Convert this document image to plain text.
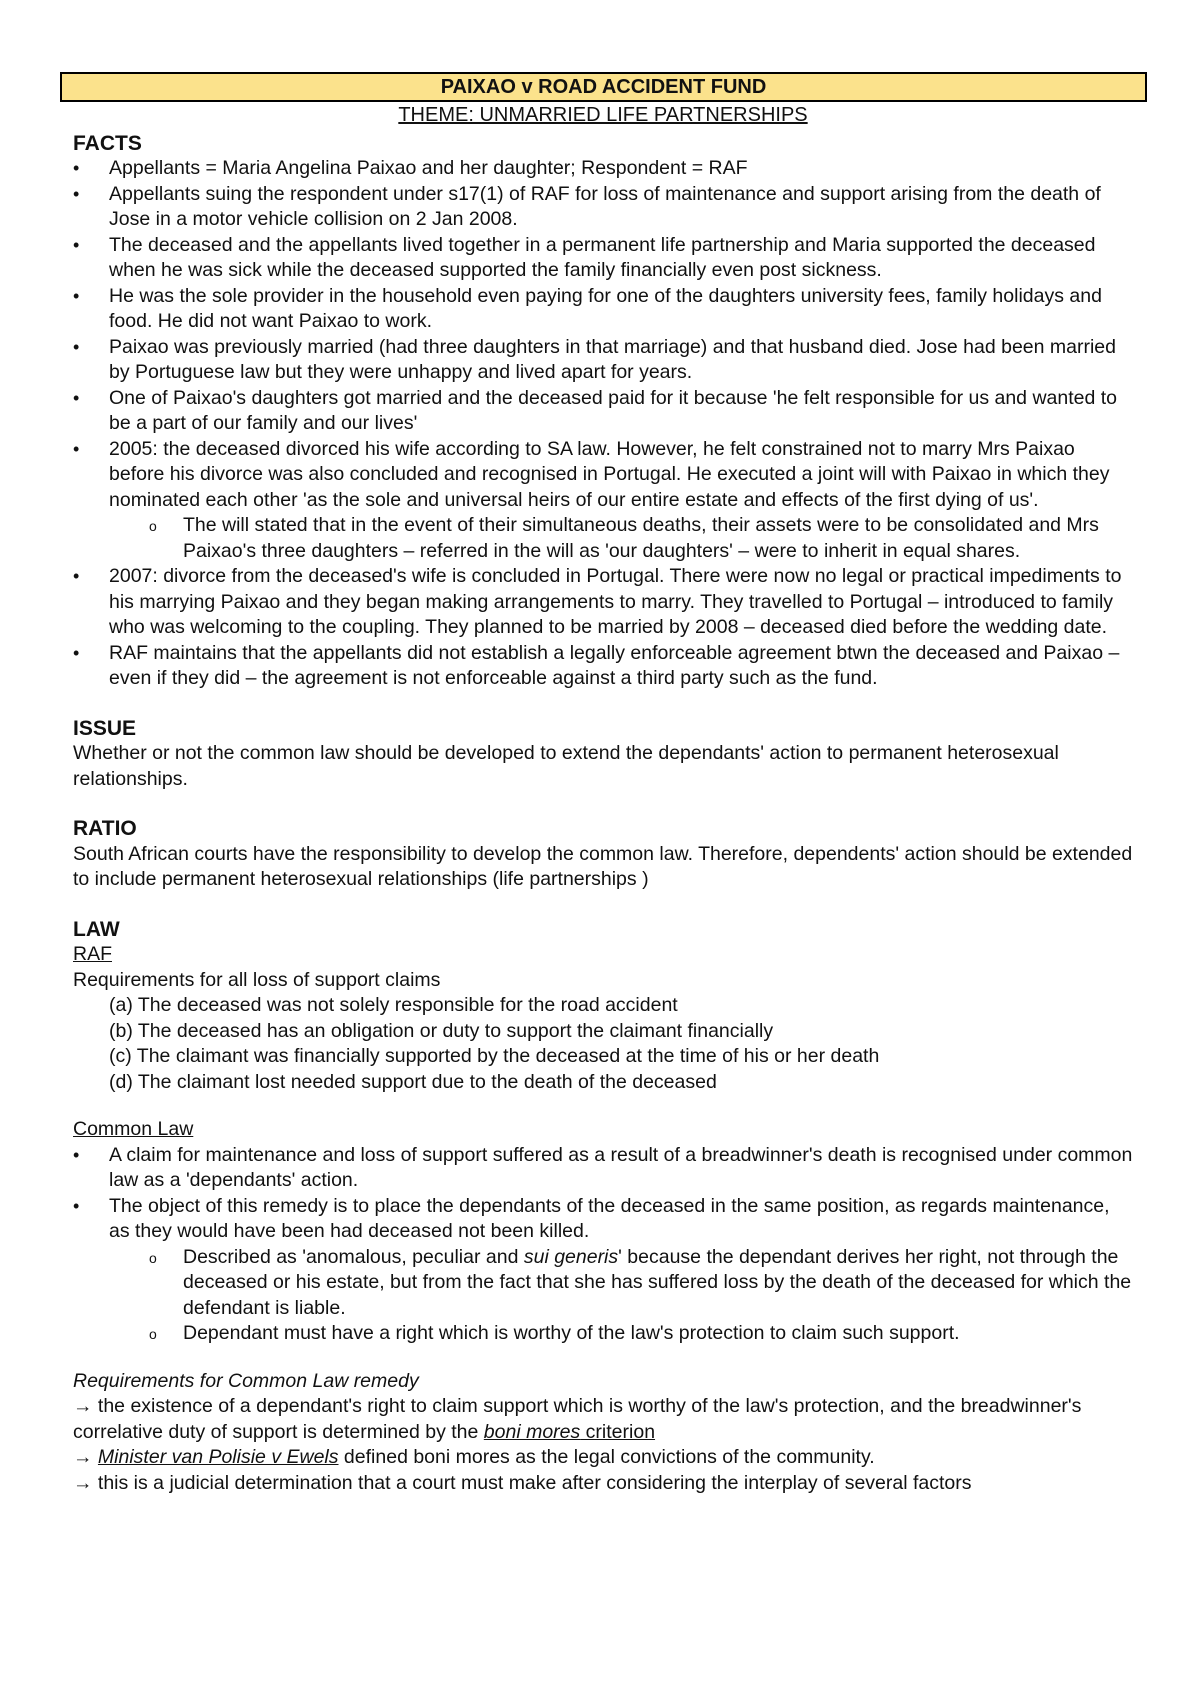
PAIXAO v ROAD ACCIDENT FUND
THEME: UNMARRIED LIFE PARTNERSHIPS
FACTS
• Appellants = Maria Angelina Paixao and her daughter; Respondent = RAF
• Appellants suing the respondent under s17(1) of RAF for loss of maintenance and support arising from the death of Jose in a motor vehicle collision on 2 Jan 2008.
• The deceased and the appellants lived together in a permanent life partnership and Maria supported the deceased when he was sick while the deceased supported the family financially even post sickness.
• He was the sole provider in the household even paying for one of the daughters university fees, family holidays and food. He did not want Paixao to work.
• Paixao was previously married (had three daughters in that marriage) and that husband died. Jose had been married by Portuguese law but they were unhappy and lived apart for years.
• One of Paixao's daughters got married and the deceased paid for it because 'he felt responsible for us and wanted to be a part of our family and our lives'
• 2005: the deceased divorced his wife according to SA law. However, he felt constrained not to marry Mrs Paixao before his divorce was also concluded and recognised in Portugal. He executed a joint will with Paixao in which they nominated each other 'as the sole and universal heirs of our entire estate and effects of the first dying of us'.
o The will stated that in the event of their simultaneous deaths, their assets were to be consolidated and Mrs Paixao's three daughters – referred in the will as 'our daughters' – were to inherit in equal shares.
• 2007: divorce from the deceased's wife is concluded in Portugal. There were now no legal or practical impediments to his marrying Paixao and they began making arrangements to marry. They travelled to Portugal – introduced to family who was welcoming to the coupling. They planned to be married by 2008 – deceased died before the wedding date.
• RAF maintains that the appellants did not establish a legally enforceable agreement btwn the deceased and Paixao – even if they did – the agreement is not enforceable against a third party such as the fund.
ISSUE
Whether or not the common law should be developed to extend the dependants' action to permanent heterosexual relationships.
RATIO
South African courts have the responsibility to develop the common law. Therefore, dependents' action should be extended to include permanent heterosexual relationships (life partnerships )
LAW
RAF
Requirements for all loss of support claims
(a) The deceased was not solely responsible for the road accident
(b) The deceased has an obligation or duty to support the claimant financially
(c) The claimant was financially supported by the deceased at the time of his or her death
(d) The claimant lost needed support due to the death of the deceased
Common Law
• A claim for maintenance and loss of support suffered as a result of a breadwinner's death is recognised under common law as a 'dependants' action.
• The object of this remedy is to place the dependants of the deceased in the same position, as regards maintenance, as they would have been had deceased not been killed.
o Described as 'anomalous, peculiar and sui generis' because the dependant derives her right, not through the deceased or his estate, but from the fact that she has suffered loss by the death of the deceased for which the defendant is liable.
o Dependant must have a right which is worthy of the law's protection to claim such support.
Requirements for Common Law remedy
→ the existence of a dependant's right to claim support which is worthy of the law's protection, and the breadwinner's correlative duty of support is determined by the boni mores criterion
→ Minister van Polisie v Ewels defined boni mores as the legal convictions of the community.
→ this is a judicial determination that a court must make after considering the interplay of several factors
